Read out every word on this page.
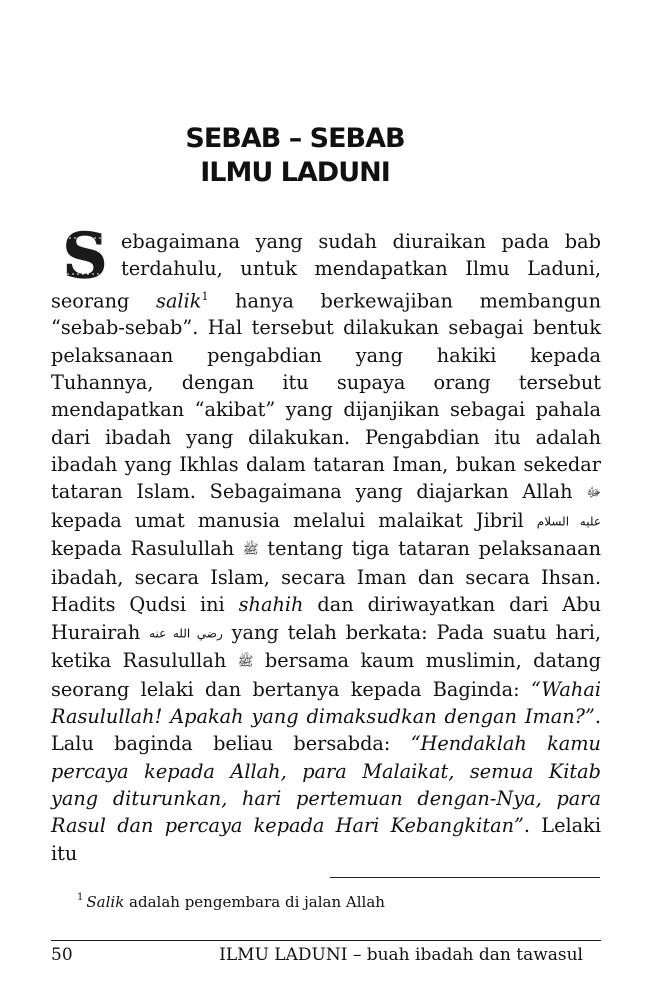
SEBAB – SEBAB
ILMU LADUNI
S ebagaimana yang sudah diuraikan pada bab terdahulu, untuk mendapatkan Ilmu Laduni, seorang salik$^1$ hanya berkewajiban membangun “sebab-sebab”. Hal tersebut dilakukan sebagai bentuk pelaksanaan pengabdian yang hakiki kepada Tuhannya, dengan itu supaya orang tersebut mendapatkan “akibat” yang dijanjikan sebagai pahala dari ibadah yang dilakukan. Pengabdian itu adalah ibadah yang Ikhlas dalam tataran Iman, bukan sekedar tataran Islam. Sebagaimana yang diajarkan Allah ﷻ kepada umat manusia melalui malaikat Jibril عليه السلام kepada Rasulullah ﷺ tentang tiga tataran pelaksanaan ibadah, secara Islam, secara Iman dan secara Ihsan. Hadits Qudsi ini shahih dan diriwayatkan dari Abu Hurairah رضي الله عنه yang telah berkata: Pada suatu hari, ketika Rasulullah ﷺ bersama kaum muslimin, datang seorang lelaki dan bertanya kepada Baginda: “Wahai Rasulullah! Apakah yang dimaksudkan dengan Iman?”. Lalu baginda beliau bersabda: “Hendaklah kamu percaya kepada Allah, para Malaikat, semua Kitab yang diturunkan, hari pertemuan dengan-Nya, para Rasul dan percaya kepada Hari Kebangkitan”. Lelaki itu
$^1$ Salik adalah pengembara di jalan Allah
50	ILMU LADUNI – buah ibadah dan tawasul
